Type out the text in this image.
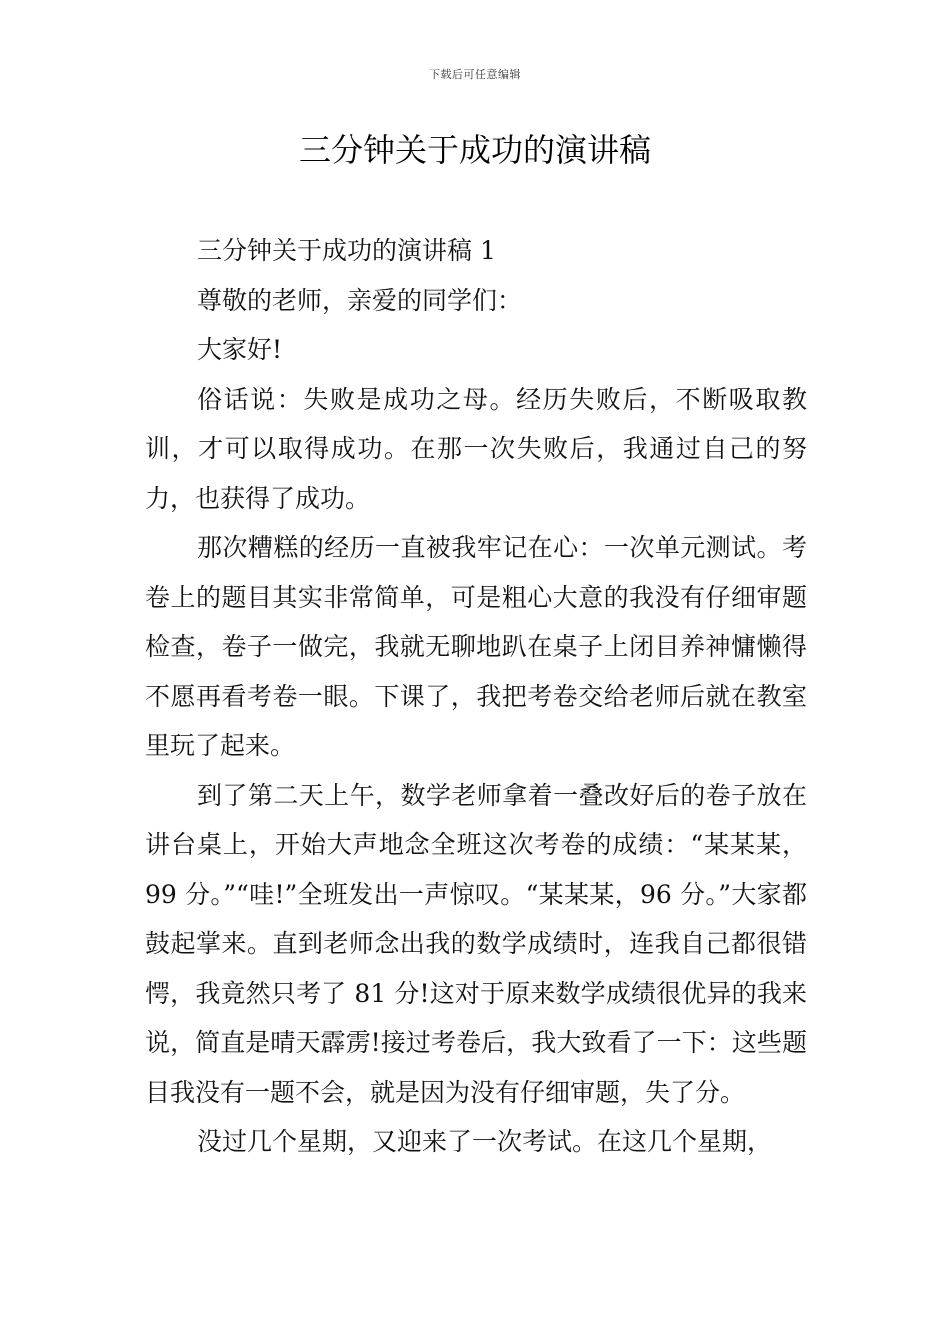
下载后可任意编辑
三分钟关于成功的演讲稿

三分钟关于成功的演讲稿 1

尊敬的老师，亲爱的同学们：

大家好!

俗话说：失败是成功之母。经历失败后，不断吸取教训，才可以取得成功。在那一次失败后，我通过自己的努力，也获得了成功。

那次糟糕的经历一直被我牢记在心：一次单元测试。考卷上的题目其实非常简单，可是粗心大意的我没有仔细审题检查，卷子一做完，我就无聊地趴在桌子上闭目养神慵懒得不愿再看考卷一眼。下课了，我把考卷交给老师后就在教室里玩了起来。

到了第二天上午，数学老师拿着一叠改好后的卷子放在讲台桌上，开始大声地念全班这次考卷的成绩：“某某某，99 分。”“哇!”全班发出一声惊叹。“某某某，96 分。”大家都鼓起掌来。直到老师念出我的数学成绩时，连我自己都很错愕，我竟然只考了 81 分!这对于原来数学成绩很优异的我来说，简直是晴天霹雳!接过考卷后，我大致看了一下：这些题目我没有一题不会，就是因为没有仔细审题，失了分。

没过几个星期，又迎来了一次考试。在这几个星期，
